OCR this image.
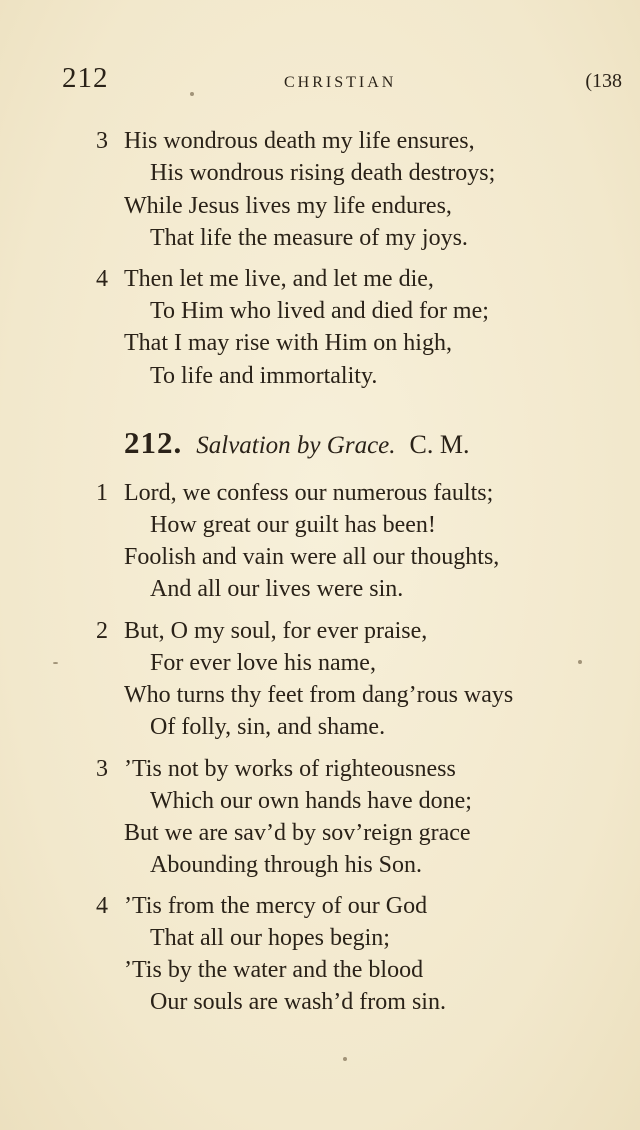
212	CHRISTIAN	(138
3 His wondrous death my life ensures,
His wondrous rising death destroys;
While Jesus lives my life endures,
That life the measure of my joys.
4 Then let me live, and let me die,
To Him who lived and died for me;
That I may rise with Him on high,
To life and immortality.
212. Salvation by Grace. C. M.
1 Lord, we confess our numerous faults;
How great our guilt has been!
Foolish and vain were all our thoughts,
And all our lives were sin.
2 But, O my soul, for ever praise,
For ever love his name,
Who turns thy feet from dang’rous ways
Of folly, sin, and shame.
3 ’Tis not by works of righteousness
Which our own hands have done;
But we are sav’d by sov’reign grace
Abounding through his Son.
4 ’Tis from the mercy of our God
That all our hopes begin;
’Tis by the water and the blood
Our souls are wash’d from sin.
